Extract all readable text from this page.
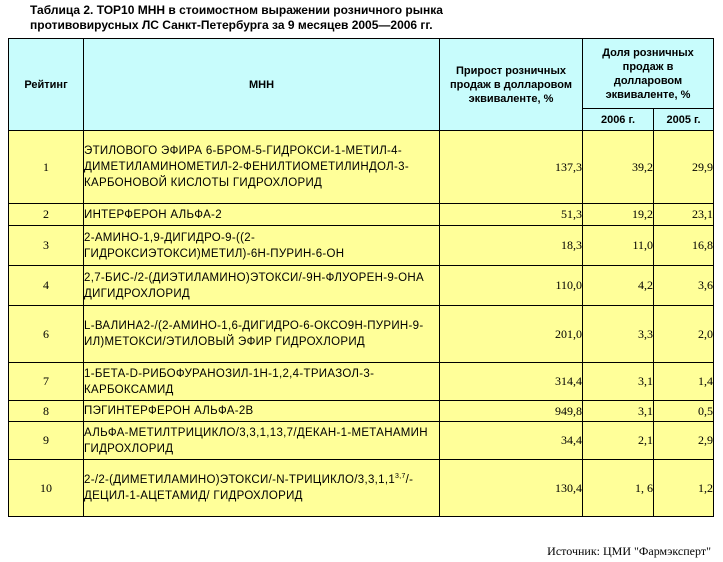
Таблица 2. ТОР10 МНН в стоимостном выражении розничного рынка
противовирусных ЛС Санкт-Петербурга за 9 месяцев 2005—2006 гг.
Рейтинг	МНН	Прирост розничных продаж в долларовом эквиваленте, %	Доля розничных продаж в долларовом эквиваленте, %	
			2006 г.	2005 г.
1	ЭТИЛОВОГО ЭФИРА 6-БРОМ-5-ГИДРОКСИ-1-МЕТИЛ-4-ДИМЕТИЛАМИНОМЕТИЛ-2-ФЕНИЛТИОМЕТИЛИНДОЛ-3-КАРБОНОВОЙ КИСЛОТЫ ГИДРОХЛОРИД	137,3	39,2	29,9
2	ИНТЕРФЕРОН АЛЬФА-2	51,3	19,2	23,1
3	2-АМИНО-1,9-ДИГИДРО-9-((2-ГИДРОКСИЭТОКСИ)МЕТИЛ)-6Н-ПУРИН-6-ОН	18,3	11,0	16,8
4	2,7-БИС-/2-(ДИЭТИЛАМИНО)ЭТОКСИ/-9Н-ФЛУОРЕН-9-ОНА ДИГИДРОХЛОРИД	110,0	4,2	3,6
6	L-ВАЛИНА2-/(2-АМИНО-1,6-ДИГИДРО-6-ОКСО9Н-ПУРИН-9-ИЛ)МЕТОКСИ/ЭТИЛОВЫЙ ЭФИР ГИДРОХЛОРИД	201,0	3,3	2,0
7	1-БЕТА-D-РИБОФУРАНОЗИЛ-1Н-1,2,4-ТРИАЗОЛ-3-КАРБОКСАМИД	314,4	3,1	1,4
8	ПЭГИНТЕРФЕРОН АЛЬФА-2В	949,8	3,1	0,5
9	АЛЬФА-МЕТИЛТРИЦИКЛО/3,3,1,13,7/ДЕКАН-1-МЕТАНАМИН ГИДРОХЛОРИД	34,4	2,1	2,9
10	2-/2-(ДИМЕТИЛАМИНО)ЭТОКСИ/-N-ТРИЦИКЛО/3,3,1,1$^{3,7}$/-ДЕЦИЛ-1-АЦЕТАМИД/ ГИДРОХЛОРИД	130,4	1, 6	1,2
Источник: ЦМИ "Фармэксперт"
